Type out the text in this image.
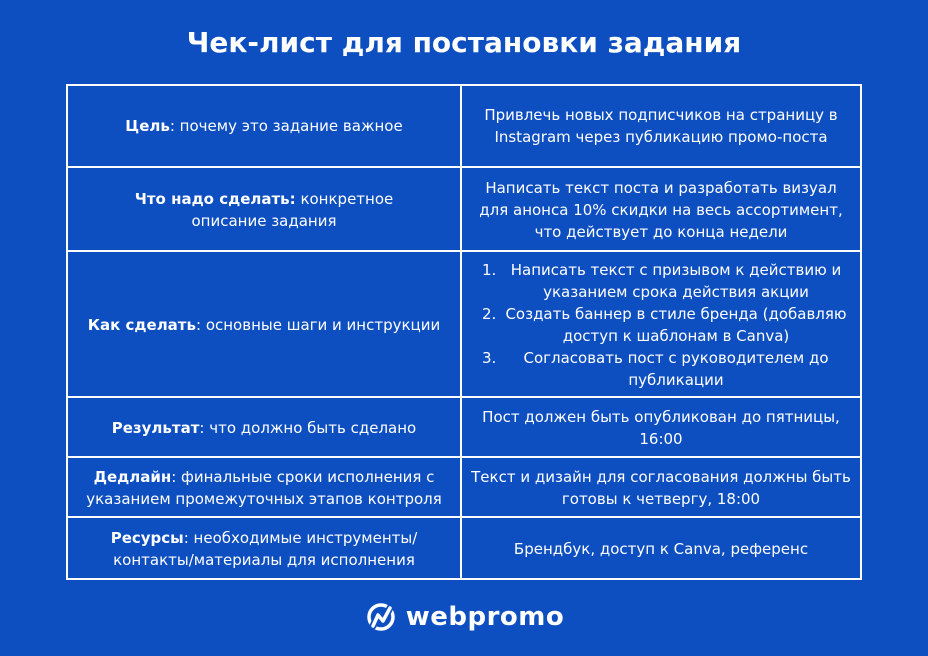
Чек-лист для постановки задания
Цель: почему это задание важное
Привлечь новых подписчиков на страницу в Instagram через публикацию промо-поста
Что надо сделать: конкретное описание задания
Написать текст поста и разработать визуал для анонса 10% скидки на весь ассортимент, что действует до конца недели
Как сделать: основные шаги и инструкции
1. Написать текст с призывом к действию и указанием срока действия акции
2. Создать баннер в стиле бренда (добавляю доступ к шаблонам в Canva)
3. Согласовать пост с руководителем до публикации
Результат: что должно быть сделано
Пост должен быть опубликован до пятницы, 16:00
Дедлайн: финальные сроки исполнения с указанием промежуточных этапов контроля
Текст и дизайн для согласования должны быть готовы к четвергу, 18:00
Ресурсы: необходимые инструменты/ контакты/материалы для исполнения
Брендбук, доступ к Canva, референс
webpromo
